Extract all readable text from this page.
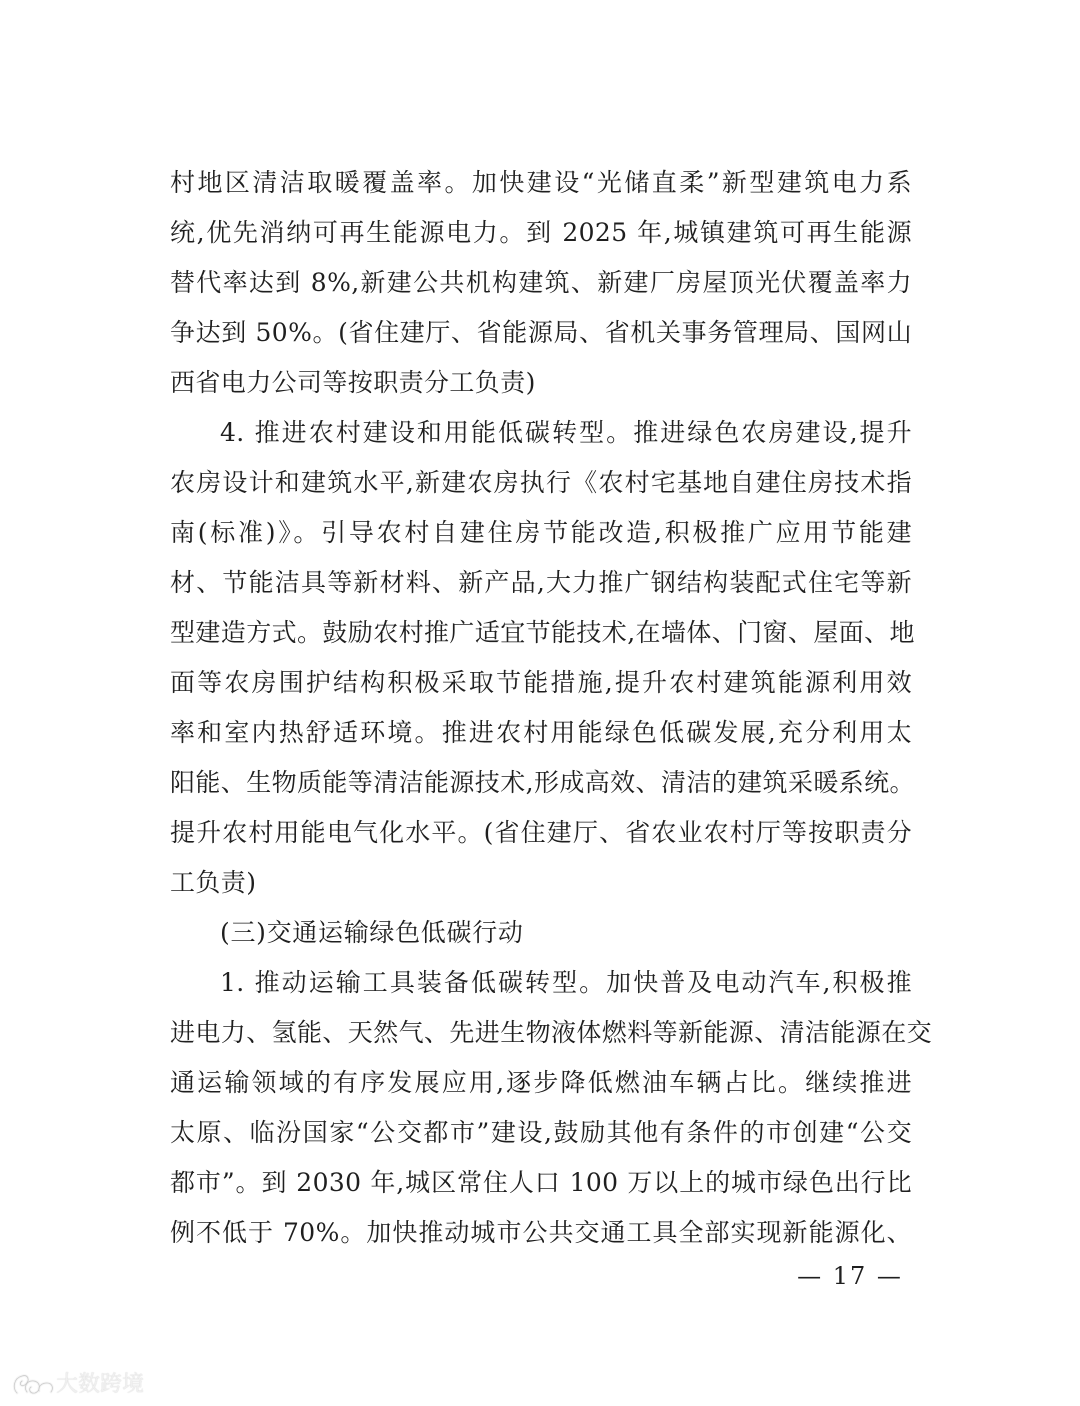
村地区清洁取暖覆盖率。加快建设“光储直柔”新型建筑电力系
统,优先消纳可再生能源电力。到 2025 年,城镇建筑可再生能源
替代率达到 8%,新建公共机构建筑、新建厂房屋顶光伏覆盖率力
争达到 50%。(省住建厅、省能源局、省机关事务管理局、国网山
西省电力公司等按职责分工负责)
4. 推进农村建设和用能低碳转型。推进绿色农房建设,提升
农房设计和建筑水平,新建农房执行《农村宅基地自建住房技术指
南(标准)》。引导农村自建住房节能改造,积极推广应用节能建
材、节能洁具等新材料、新产品,大力推广钢结构装配式住宅等新
型建造方式。鼓励农村推广适宜节能技术,在墙体、门窗、屋面、地
面等农房围护结构积极采取节能措施,提升农村建筑能源利用效
率和室内热舒适环境。推进农村用能绿色低碳发展,充分利用太
阳能、生物质能等清洁能源技术,形成高效、清洁的建筑采暖系统。
提升农村用能电气化水平。(省住建厅、省农业农村厅等按职责分
工负责)
(三)交通运输绿色低碳行动
1. 推动运输工具装备低碳转型。加快普及电动汽车,积极推
进电力、氢能、天然气、先进生物液体燃料等新能源、清洁能源在交
通运输领域的有序发展应用,逐步降低燃油车辆占比。继续推进
太原、临汾国家“公交都市”建设,鼓励其他有条件的市创建“公交
都市”。到 2030 年,城区常住人口 100 万以上的城市绿色出行比
例不低于 70%。加快推动城市公共交通工具全部实现新能源化、
— 17 —
大数跨境
